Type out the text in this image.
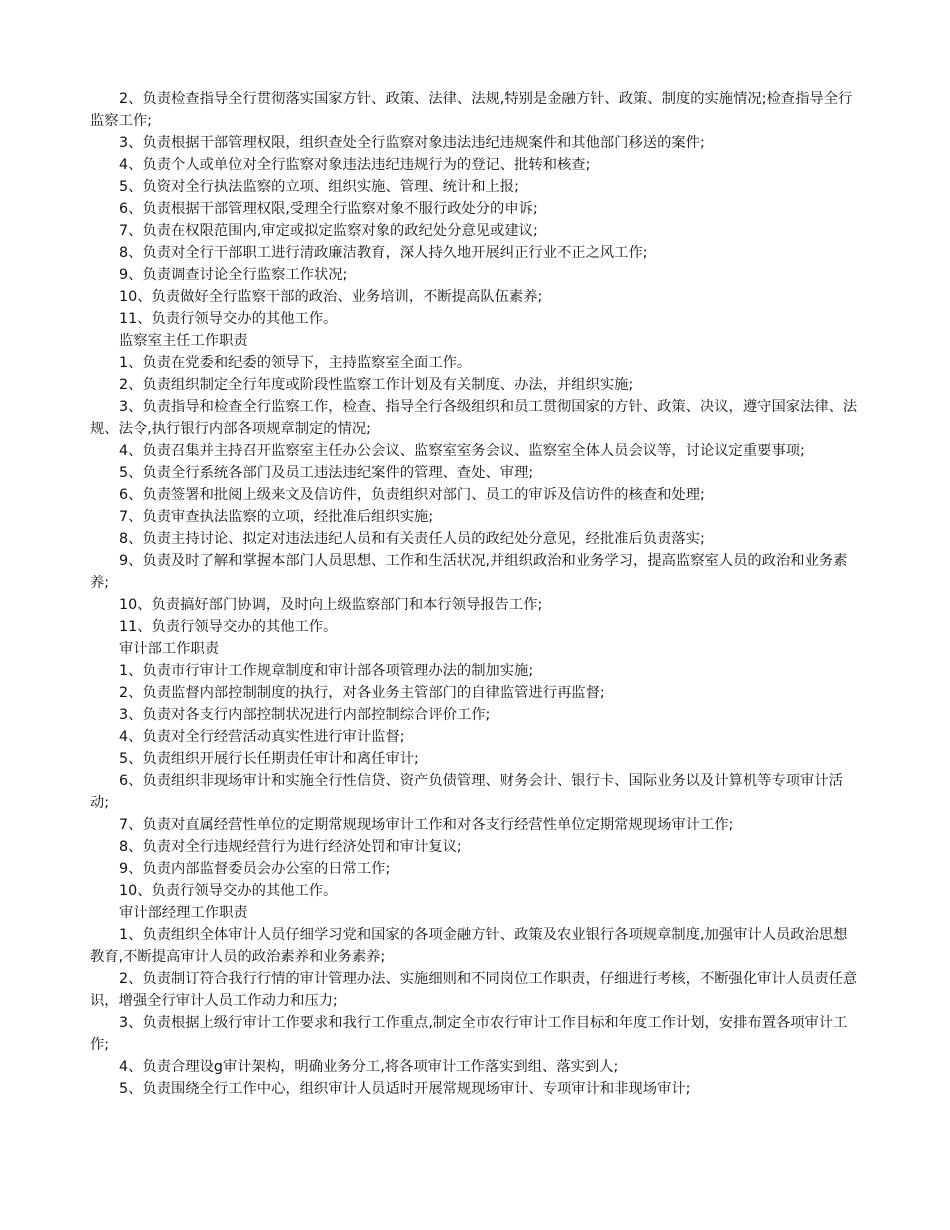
2、负责检查指导全行贯彻落实国家方针、政策、法律、法规,特别是金融方针、政策、制度的实施情况;检查指导全行监察工作;

3、负责根据干部管理权限，组织查处全行监察对象违法违纪违规案件和其他部门移送的案件;

4、负责个人或单位对全行监察对象违法违纪违规行为的登记、批转和核查;

5、负资对全行执法监察的立项、组织实施、管理、统计和上报;

6、负责根据干部管理权限,受理全行监察对象不服行政处分的申诉;

7、负责在权限范围内,审定或拟定监察对象的政纪处分意见或建议;

8、负责对全行干部职工进行清政廉洁教育，深人持久地开展纠正行业不正之风工作;

9、负责调查讨论全行监察工作状况;

10、负责做好全行监察干部的政治、业务培训，不断提高队伍素养;

11、负责行领导交办的其他工作。

监察室主任工作职责

1、负责在党委和纪委的领导下，主持监察室全面工作。

2、负责组织制定全行年度或阶段性监察工作计划及有关制度、办法，并组织实施;

3、负责指导和检查全行监察工作，检查、指导全行各级组织和员工贯彻国家的方针、政策、决议，遵守国家法律、法规、法令,执行银行内部各项规章制定的情况;

4、负责召集并主持召开监察室主任办公会议、监察室室务会议、监察室全体人员会议等，讨论议定重要事项;

5、负责全行系统各部门及员工违法违纪案件的管理、查处、审理;

6、负责签署和批阅上级来文及信访件，负责组织对部门、员工的审诉及信访件的核查和处理;

7、负责审查执法监察的立项，经批准后组织实施;

8、负责主持讨论、拟定对违法违纪人员和有关责任人员的政纪处分意见，经批准后负责落实;

9、负责及时了解和掌握本部门人员思想、工作和生活状况,并组织政治和业务学习，提高监察室人员的政治和业务素养;

10、负责搞好部门协调，及时向上级监察部门和本行领导报告工作;

11、负责行领导交办的其他工作。

审计部工作职责

1、负责市行审计工作规章制度和审计部各项管理办法的制加实施;

2、负责监督内部控制制度的执行，对各业务主管部门的自律监管进行再监督;

3、负责对各支行内部控制状况进行内部控制综合评价工作;

4、负责对全行经营活动真实性进行审计监督;

5、负责组织开展行长任期责任审计和离任审计;

6、负责组织非现场审计和实施全行性信贷、资产负债管理、财务会计、银行卡、国际业务以及计算机等专项审计活动;

7、负责对直属经营性单位的定期常规现场审计工作和对各支行经营性单位定期常规现场审计工作;

8、负责对全行违规经营行为进行经济处罚和审计复议;

9、负责内部监督委员会办公室的日常工作;

10、负责行领导交办的其他工作。

审计部经理工作职责

1、负责组织全体审计人员仔细学习党和国家的各项金融方针、政策及农业银行各项规章制度,加强审计人员政治思想教育,不断提高审计人员的政治素养和业务素养;

2、负责制订符合我行行情的审计管理办法、实施细则和不同岗位工作职责，仔细进行考核，不断强化审计人员责任意识，增强全行审计人员工作动力和压力;

3、负责根据上级行审计工作要求和我行工作重点,制定全市农行审计工作目标和年度工作计划，安排布置各项审计工作;

4、负责合理设g审计架构，明确业务分工,将各项审计工作落实到组、落实到人;

5、负责围绕全行工作中心，组织审计人员适时开展常规现场审计、专项审计和非现场审计;
